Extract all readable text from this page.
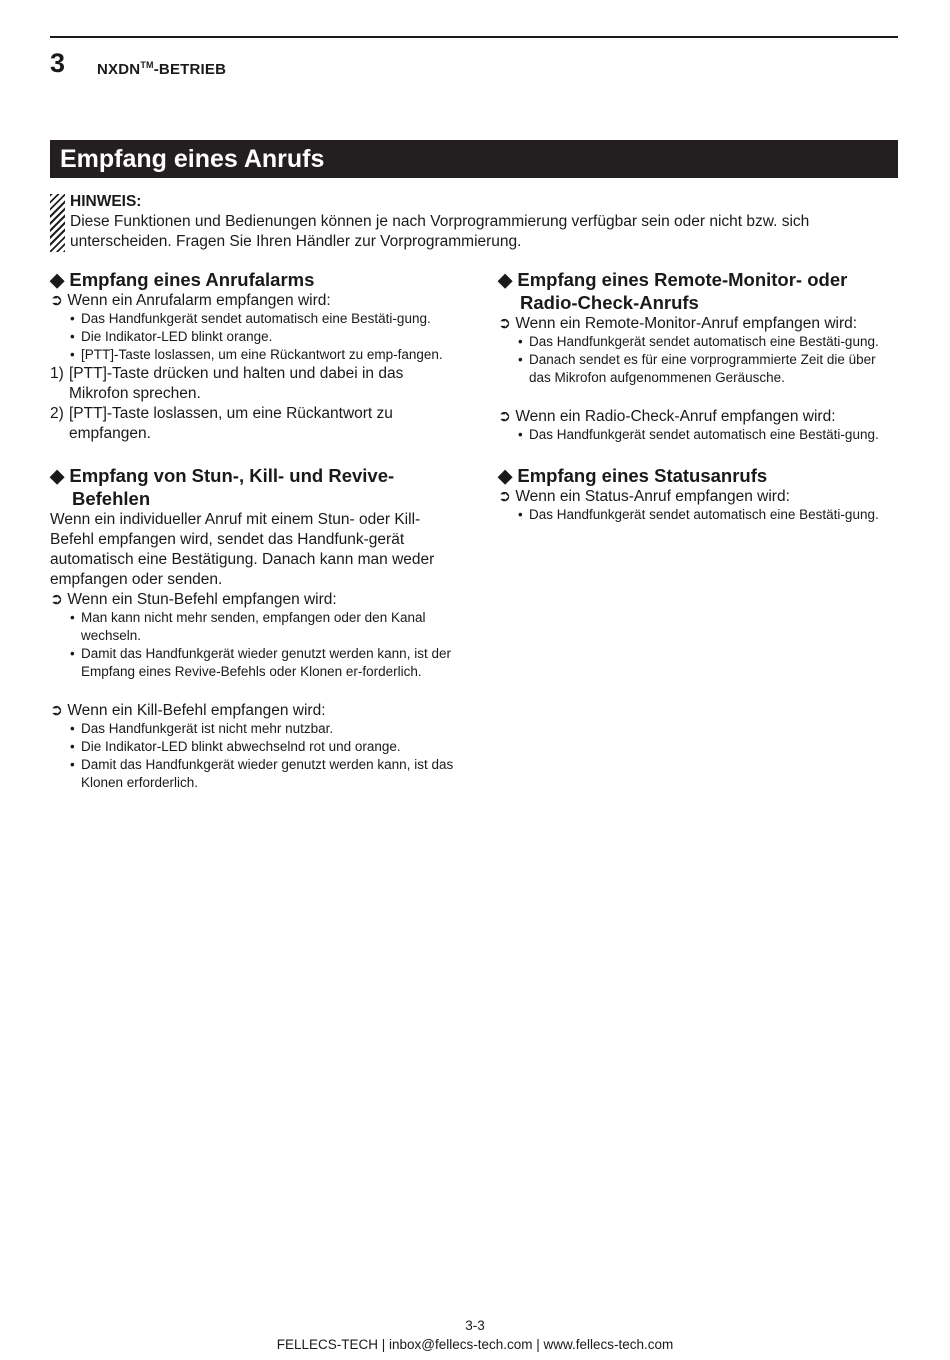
3 NXDN™-BETRIEB
Empfang eines Anrufs
HINWEIS:
Diese Funktionen und Bedienungen können je nach Vorprogrammierung verfügbar sein oder nicht bzw. sich unterscheiden. Fragen Sie Ihren Händler zur Vorprogrammierung.
◆ Empfang eines Anrufalarms
➲ Wenn ein Anrufalarm empfangen wird:
• Das Handfunkgerät sendet automatisch eine Bestäti-gung.
• Die Indikator-LED blinkt orange.
• [PTT]-Taste loslassen, um eine Rückantwort zu emp-fangen.
1) [PTT]-Taste drücken und halten und dabei in das Mikrofon sprechen.
2) [PTT]-Taste loslassen, um eine Rückantwort zu empfangen.
◆ Empfang von Stun-, Kill- und Revive-Befehlen

Wenn ein individueller Anruf mit einem Stun- oder Kill-Befehl empfangen wird, sendet das Handfunk-gerät automatisch eine Bestätigung. Danach kann man weder empfangen oder senden.

➲ Wenn ein Stun-Befehl empfangen wird:
• Man kann nicht mehr senden, empfangen oder den Kanal wechseln.
• Damit das Handfunkgerät wieder genutzt werden kann, ist der Empfang eines Revive-Befehls oder Klonen er-forderlich.
➲ Wenn ein Kill-Befehl empfangen wird:
• Das Handfunkgerät ist nicht mehr nutzbar.
• Die Indikator-LED blinkt abwechselnd rot und orange.
• Damit das Handfunkgerät wieder genutzt werden kann, ist das Klonen erforderlich.
◆ Empfang eines Remote-Monitor- oder Radio-Check-Anrufs
➲ Wenn ein Remote-Monitor-Anruf empfangen wird:
• Das Handfunkgerät sendet automatisch eine Bestäti-gung.
• Danach sendet es für eine vorprogrammierte Zeit die über das Mikrofon aufgenommenen Geräusche.
➲ Wenn ein Radio-Check-Anruf empfangen wird:
• Das Handfunkgerät sendet automatisch eine Bestäti-gung.
◆ Empfang eines Statusanrufs
➲ Wenn ein Status-Anruf empfangen wird:
• Das Handfunkgerät sendet automatisch eine Bestäti-gung.
3-3
FELLECS-TECH | inbox@fellecs-tech.com | www.fellecs-tech.com
